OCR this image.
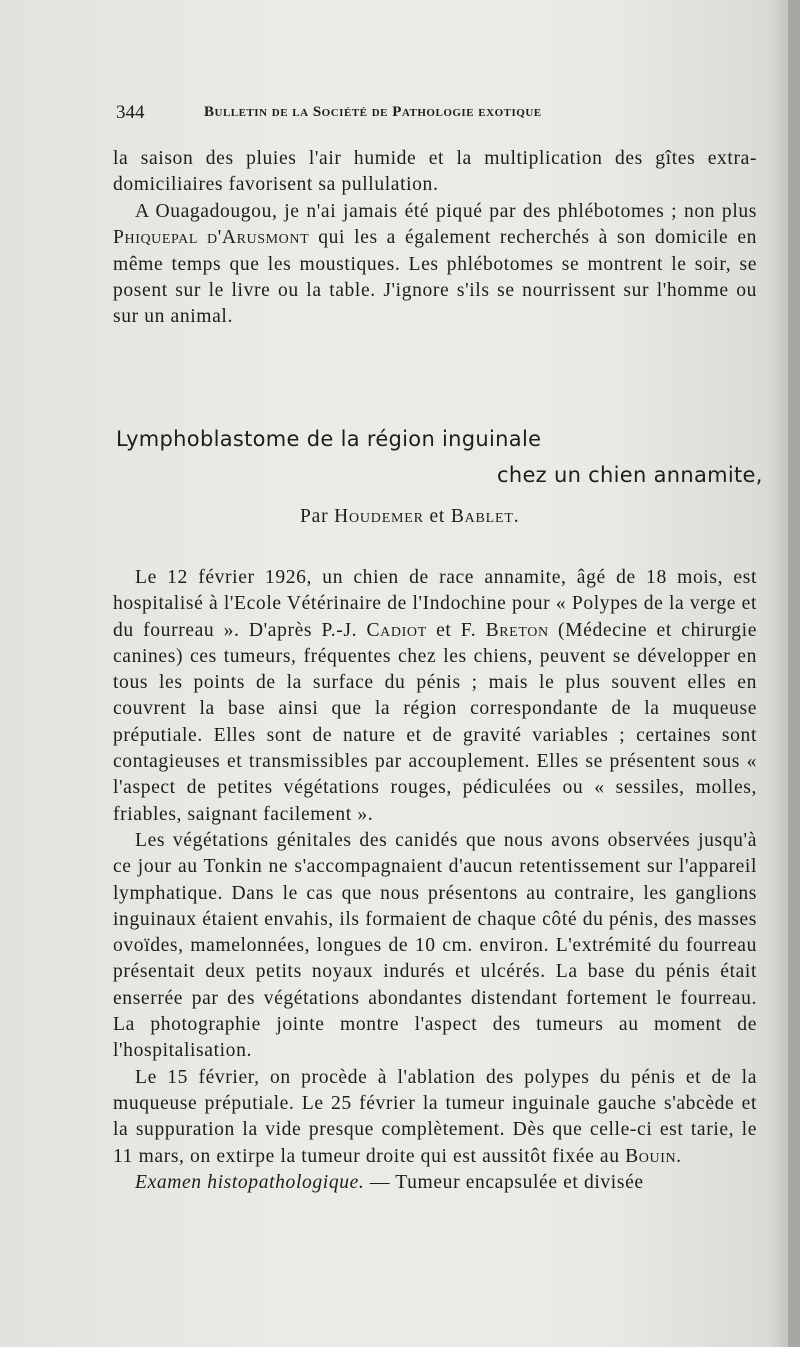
344	Bulletin de la Société de Pathologie exotique

la saison des pluies l'air humide et la multiplication des gîtes extra-domiciliaires favorisent sa pullulation.

A Ouagadougou, je n'ai jamais été piqué par des phlébotomes ; non plus Phiquepal d'Arusmont qui les a également recherchés à son domicile en même temps que les moustiques. Les phlébotomes se montrent le soir, se posent sur le livre ou la table. J'ignore s'ils se nourrissent sur l'homme ou sur un animal.

Lymphoblastome de la région inguinale
chez un chien annamite,
Par Houdemer et Bablet.

Le 12 février 1926, un chien de race annamite, âgé de 18 mois, est hospitalisé à l'Ecole Vétérinaire de l'Indochine pour « Polypes de la verge et du fourreau ». D'après P.-J. Cadiot et F. Breton (Médecine et chirurgie canines) ces tumeurs, fréquentes chez les chiens, peuvent se développer en tous les points de la surface du pénis ; mais le plus souvent elles en couvrent la base ainsi que la région correspondante de la muqueuse préputiale. Elles sont de nature et de gravité variables ; certaines sont contagieuses et transmissibles par accouplement. Elles se présentent sous « l'aspect de petites végétations rouges, pédiculées ou « sessiles, molles, friables, saignant facilement ».

Les végétations génitales des canidés que nous avons observées jusqu'à ce jour au Tonkin ne s'accompagnaient d'aucun retentissement sur l'appareil lymphatique. Dans le cas que nous présentons au contraire, les ganglions inguinaux étaient envahis, ils formaient de chaque côté du pénis, des masses ovoïdes, mamelonnées, longues de 10 cm. environ. L'extrémité du fourreau présentait deux petits noyaux indurés et ulcérés. La base du pénis était enserrée par des végétations abondantes distendant fortement le fourreau. La photographie jointe montre l'aspect des tumeurs au moment de l'hospitalisation.

Le 15 février, on procède à l'ablation des polypes du pénis et de la muqueuse préputiale. Le 25 février la tumeur inguinale gauche s'abcède et la suppuration la vide presque complètement. Dès que celle-ci est tarie, le 11 mars, on extirpe la tumeur droite qui est aussitôt fixée au Bouin.

Examen histopathologique. — Tumeur encapsulée et divisée
